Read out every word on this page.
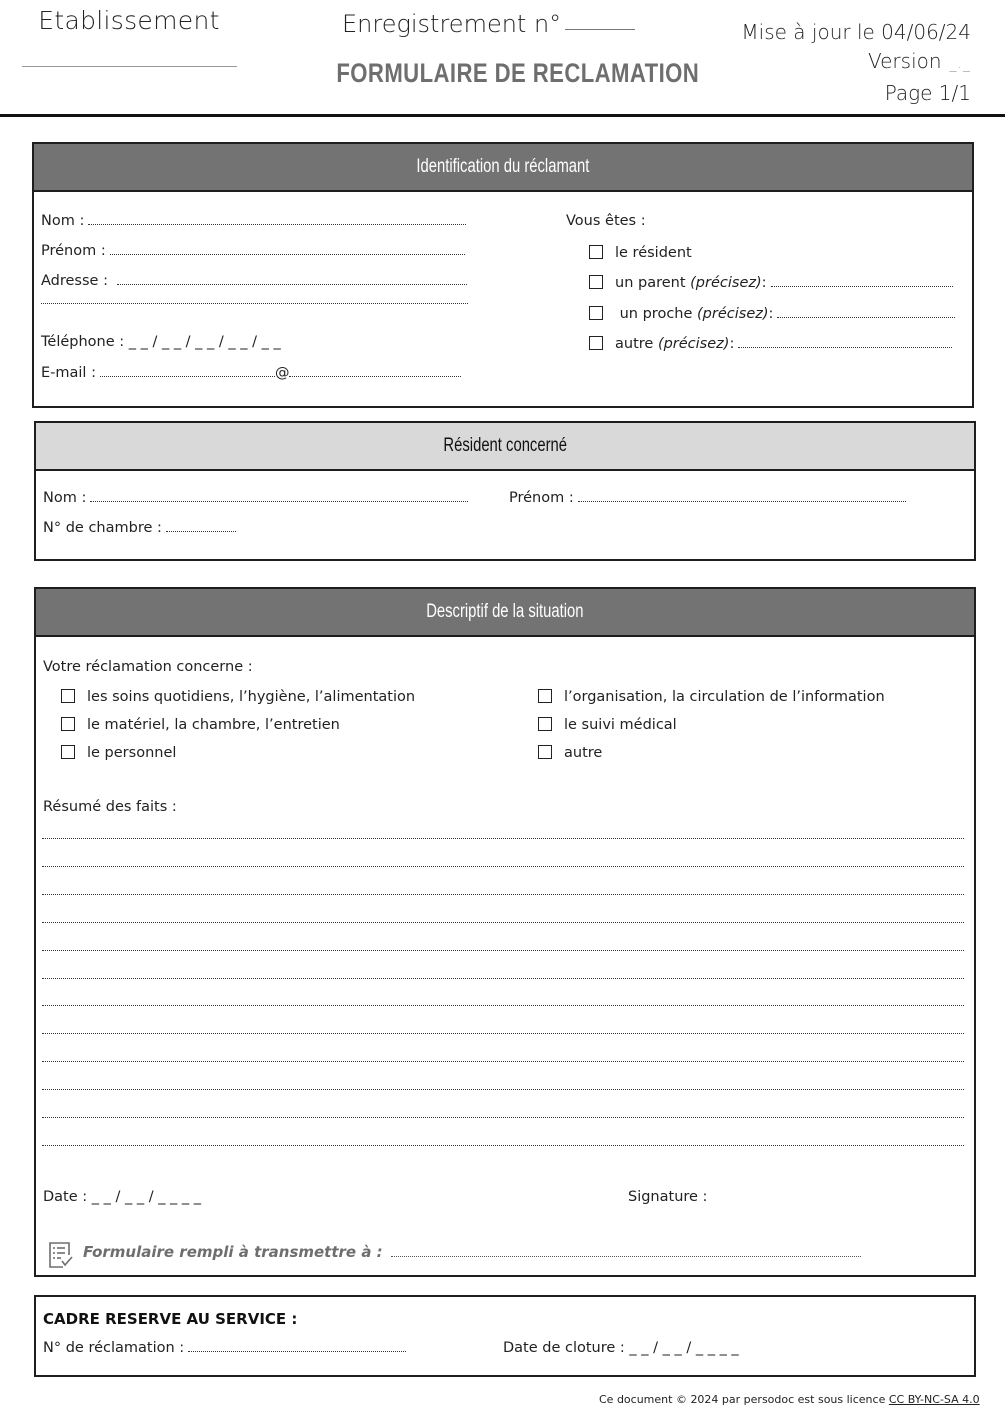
Etablissement	Enregistrement n°
FORMULAIRE DE RECLAMATION
Mise à jour le 04/06/24
Version _._
Page 1/1
Identification du réclamant
Nom :
Prénom :
Adresse :
Téléphone :
_ _ / _ _ / _ _ / _ _ / _ _
E-mail :	@
Vous êtes :
le résident
un parent
(précisez) :

un proche
(précisez) :
autre
(précisez) :
Résident concerné
Nom :	Prénom :
N° de chambre :
Descriptif de la situation
Votre réclamation concerne :
les soins quotidiens, l’hygiène, l’alimentation
le matériel, la chambre, l’entretien
le personnel
l’organisation, la circulation de l’information
le suivi médical
autre
Résumé des faits :
Date :
_ _ / _ _ / _ _ _ _	Signature :
Formulaire rempli à transmettre à :
CADRE RESERVE AU SERVICE :
N° de réclamation :	Date de cloture :
_ _ / _ _ / _ _ _ _
Ce document © 2024 par persodoc est sous licence CC BY-NC-SA 4.0
